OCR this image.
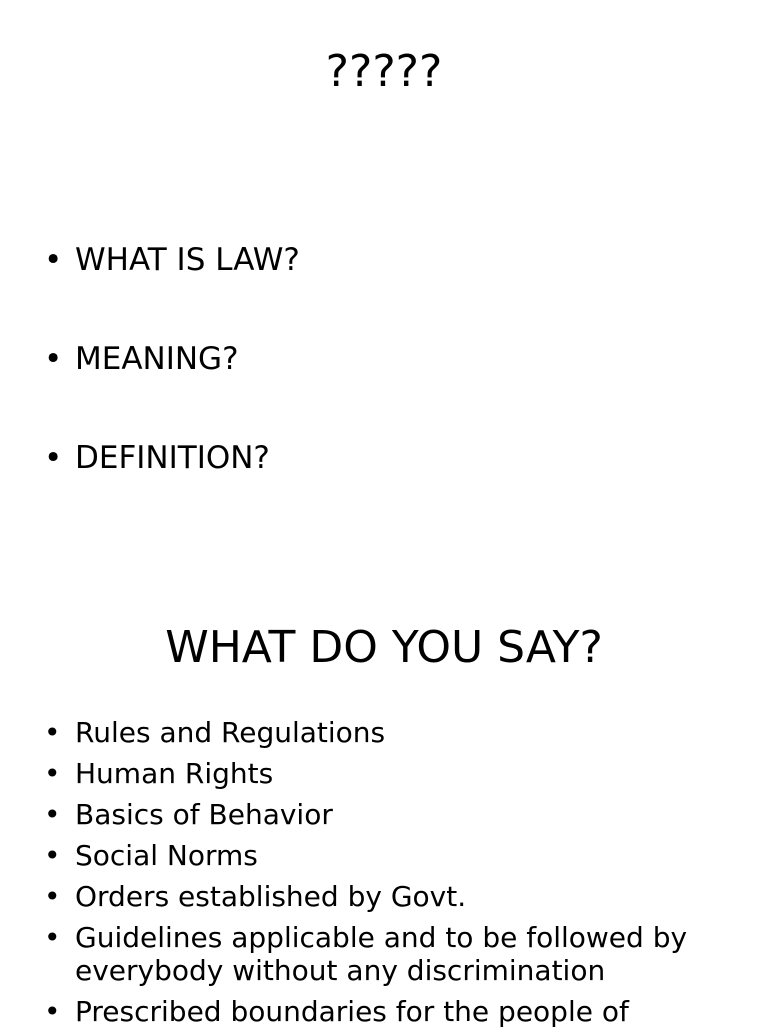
?????
• WHAT IS LAW?
• MEANING?
• DEFINITION?
WHAT DO YOU SAY?
• Rules and Regulations
• Human Rights
• Basics of Behavior
• Social Norms
• Orders established by Govt.
• Guidelines applicable and to be followed by everybody without any discrimination
• Prescribed boundaries for the people of
